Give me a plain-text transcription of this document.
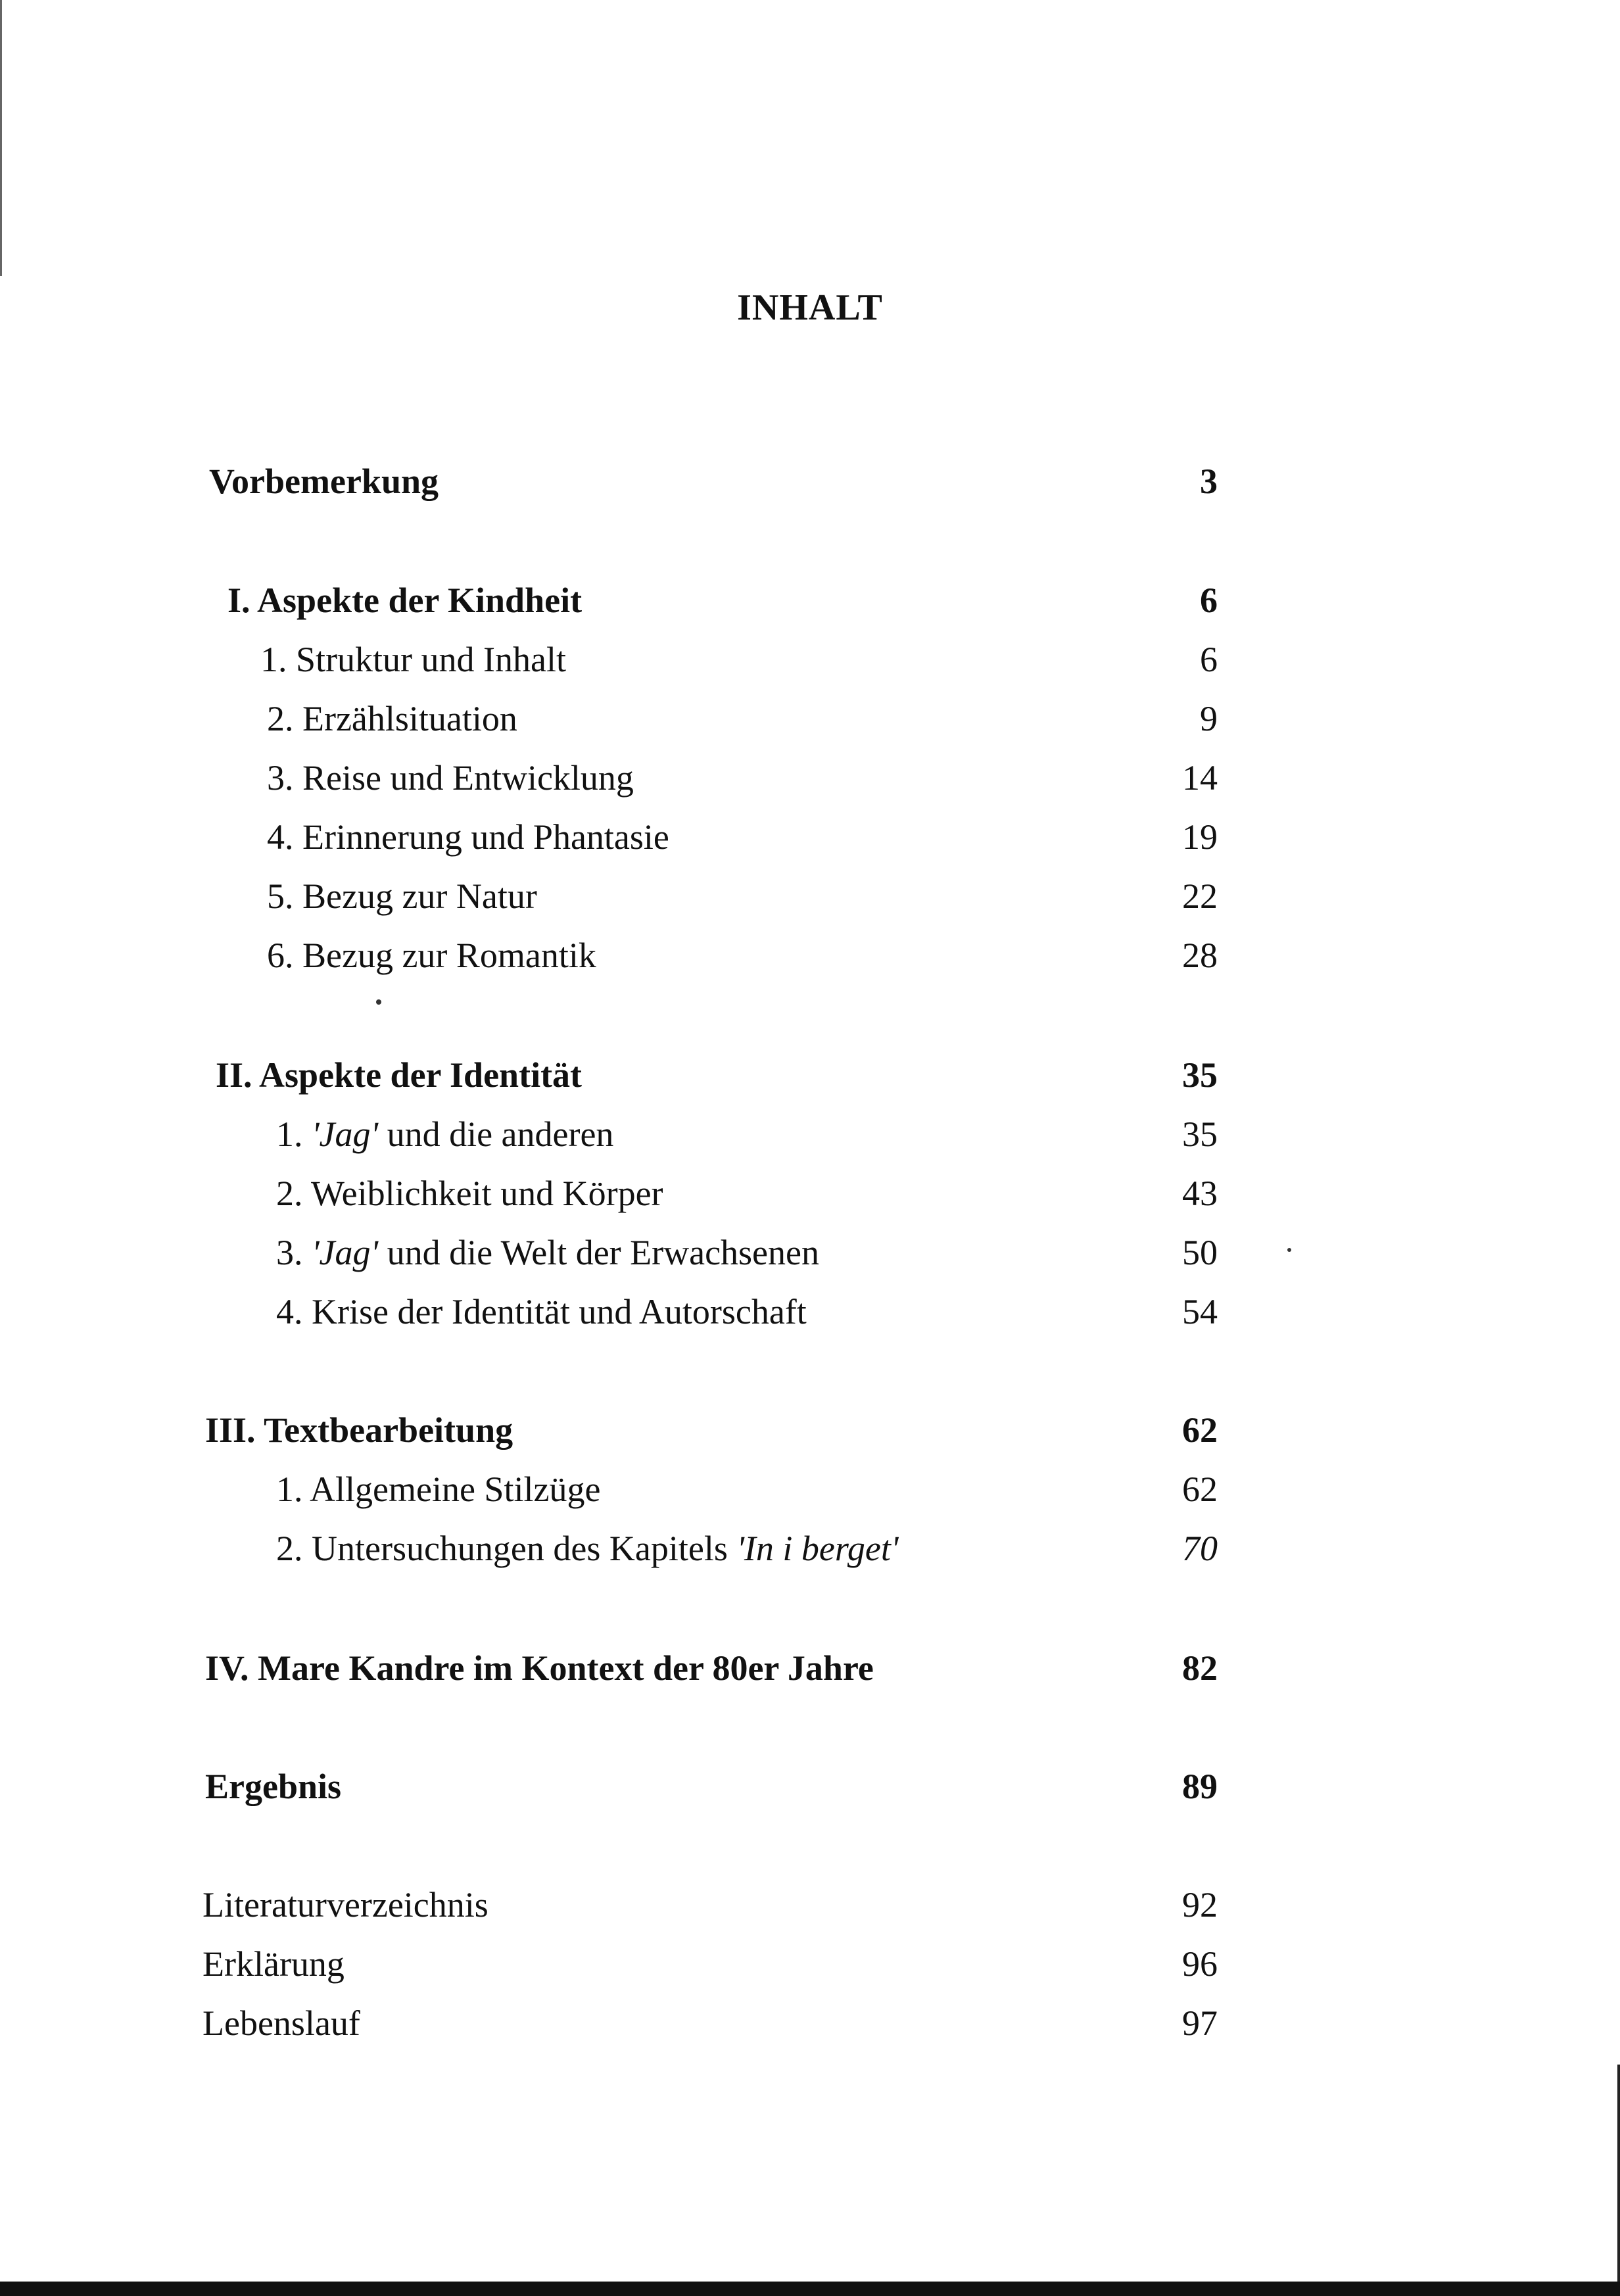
INHALT
Vorbemerkung	3
I. Aspekte der Kindheit	6
1. Struktur und Inhalt	6
2. Erzählsituation	9
3. Reise und Entwicklung	14
4. Erinnerung und Phantasie	19
5. Bezug zur Natur	22
6. Bezug zur Romantik	28
II. Aspekte der Identität	35
1. 'Jag' und die anderen	35
2. Weiblichkeit und Körper	43
3. 'Jag' und die Welt der Erwachsenen	50
4. Krise der Identität und Autorschaft	54
III. Textbearbeitung	62
1. Allgemeine Stilzüge	62
2. Untersuchungen des Kapitels 'In i berget'	70
IV. Mare Kandre im Kontext der 80er Jahre	82
Ergebnis	89
Literaturverzeichnis	92
Erklärung	96
Lebenslauf	97
